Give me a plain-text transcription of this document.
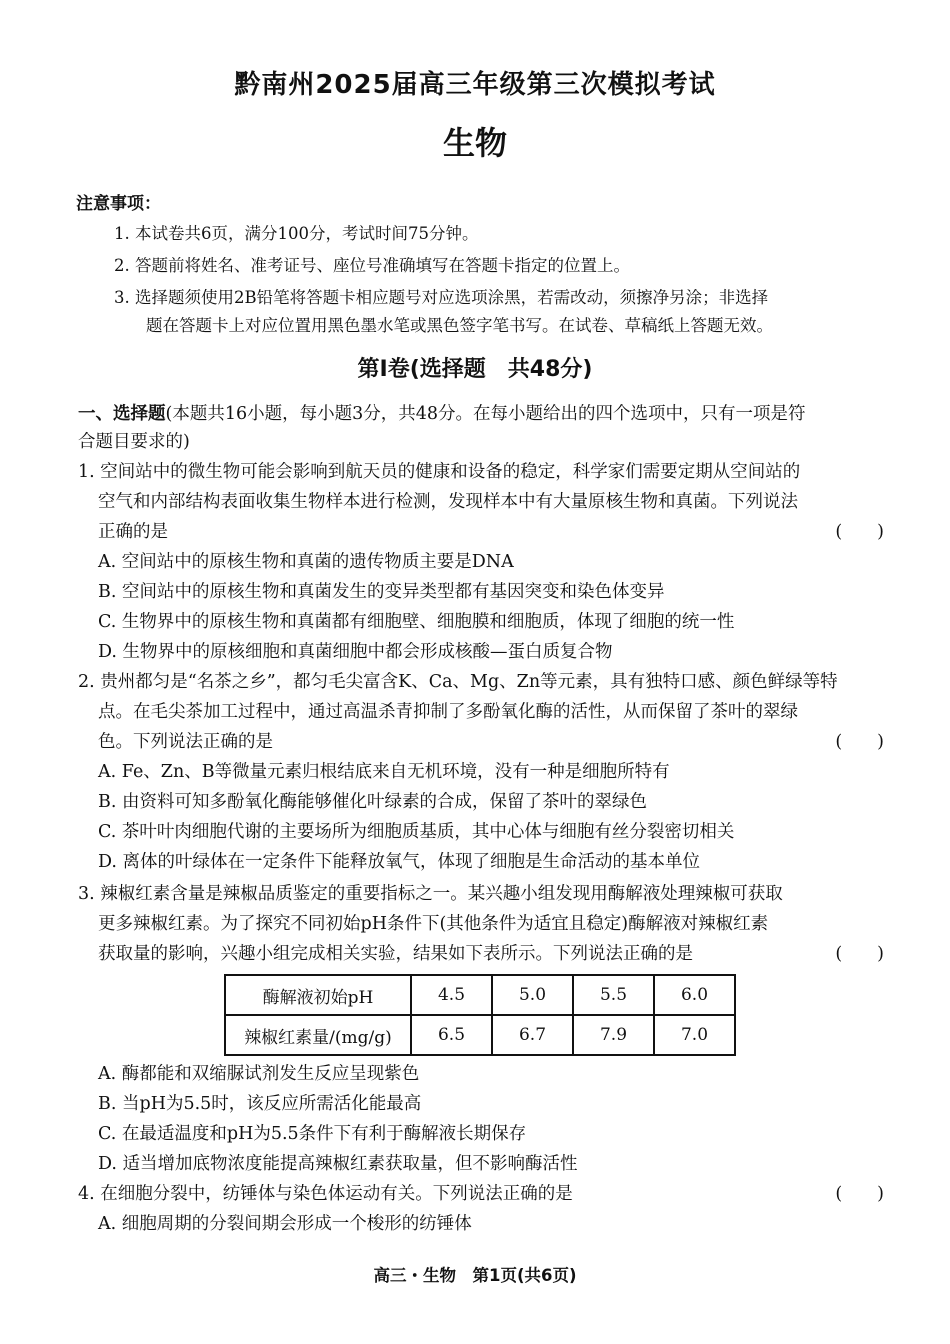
黔南州2025届高三年级第三次模拟考试
生物
注意事项：
1. 本试卷共6页，满分100分，考试时间75分钟。
2. 答题前将姓名、准考证号、座位号准确填写在答题卡指定的位置上。
3. 选择题须使用2B铅笔将答题卡相应题号对应选项涂黑，若需改动，须擦净另涂；非选择
题在答题卡上对应位置用黑色墨水笔或黑色签字笔书写。在试卷、草稿纸上答题无效。
第Ⅰ卷(选择题　共48分)
一、选择题(本题共16小题，每小题3分，共48分。在每小题给出的四个选项中，只有一项是符
合题目要求的)
1. 空间站中的微生物可能会影响到航天员的健康和设备的稳定，科学家们需要定期从空间站的
空气和内部结构表面收集生物样本进行检测，发现样本中有大量原核生物和真菌。下列说法
正确的是	(　　)
A. 空间站中的原核生物和真菌的遗传物质主要是DNA
B. 空间站中的原核生物和真菌发生的变异类型都有基因突变和染色体变异
C. 生物界中的原核生物和真菌都有细胞壁、细胞膜和细胞质，体现了细胞的统一性
D. 生物界中的原核细胞和真菌细胞中都会形成核酸—蛋白质复合物
2. 贵州都匀是“名茶之乡”，都匀毛尖富含K、Ca、Mg、Zn等元素，具有独特口感、颜色鲜绿等特
点。在毛尖茶加工过程中，通过高温杀青抑制了多酚氧化酶的活性，从而保留了茶叶的翠绿
色。下列说法正确的是	(　　)
A. Fe、Zn、B等微量元素归根结底来自无机环境，没有一种是细胞所特有
B. 由资料可知多酚氧化酶能够催化叶绿素的合成，保留了茶叶的翠绿色
C. 茶叶叶肉细胞代谢的主要场所为细胞质基质，其中心体与细胞有丝分裂密切相关
D. 离体的叶绿体在一定条件下能释放氧气，体现了细胞是生命活动的基本单位
3. 辣椒红素含量是辣椒品质鉴定的重要指标之一。某兴趣小组发现用酶解液处理辣椒可获取
更多辣椒红素。为了探究不同初始pH条件下(其他条件为适宜且稳定)酶解液对辣椒红素
获取量的影响，兴趣小组完成相关实验，结果如下表所示。下列说法正确的是	(　　)
酶解液初始pH	4.5	5.0	5.5	6.0
辣椒红素量/(mg/g)	6.5	6.7	7.9	7.0
A. 酶都能和双缩脲试剂发生反应呈现紫色
B. 当pH为5.5时，该反应所需活化能最高
C. 在最适温度和pH为5.5条件下有利于酶解液长期保存
D. 适当增加底物浓度能提高辣椒红素获取量，但不影响酶活性
4. 在细胞分裂中，纺锤体与染色体运动有关。下列说法正确的是	(　　)
A. 细胞周期的分裂间期会形成一个梭形的纺锤体
高三・生物　第1页(共6页)
